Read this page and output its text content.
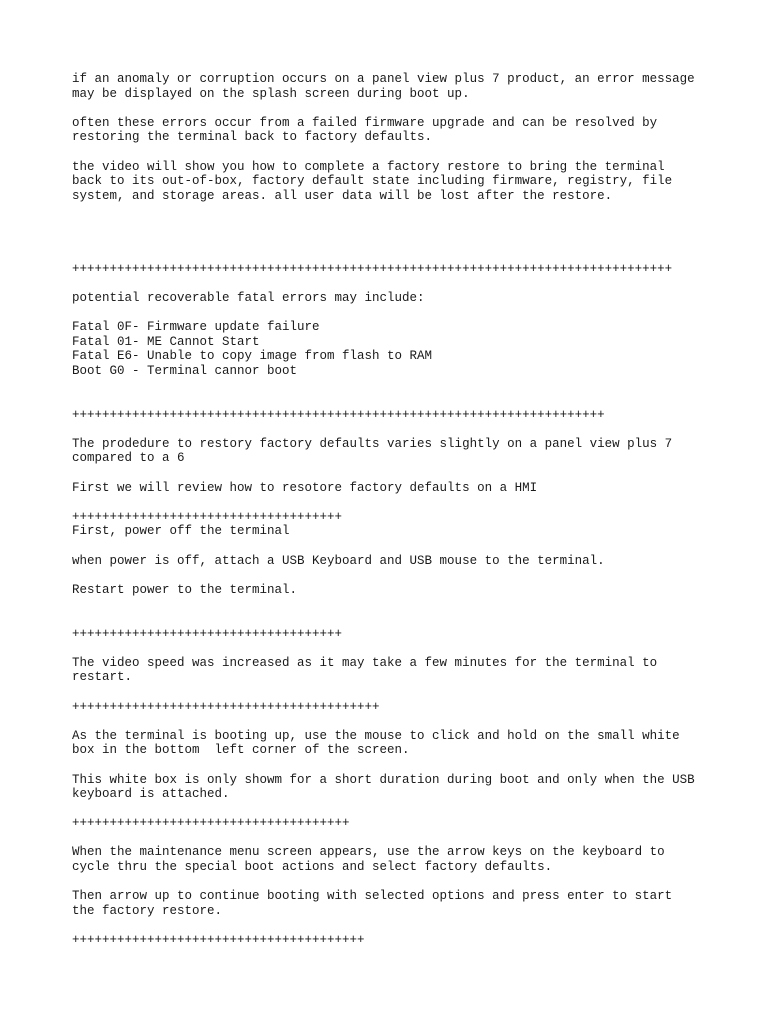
if an anomaly or corruption occurs on a panel view plus 7 product, an error message
may be displayed on the splash screen during boot up.

often these errors occur from a failed firmware upgrade and can be resolved by
restoring the terminal back to factory defaults.

the video will show you how to complete a factory restore to bring the terminal
back to its out-of-box, factory default state including firmware, registry, file
system, and storage areas. all user data will be lost after the restore.

++++++++++++++++++++++++++++++++++++++++++++++++++++++++++++++++++++++++++++++++

potential recoverable fatal errors may include:

Fatal 0F- Firmware update failure
Fatal 01- ME Cannot Start
Fatal E6- Unable to copy image from flash to RAM
Boot G0 - Terminal cannor boot

+++++++++++++++++++++++++++++++++++++++++++++++++++++++++++++++++++++++

The prodedure to restory factory defaults varies slightly on a panel view plus 7
compared to a 6

First we will review how to resotore factory defaults on a HMI

++++++++++++++++++++++++++++++++++++
First, power off the terminal

when power is off, attach a USB Keyboard and USB mouse to the terminal.

Restart power to the terminal.

++++++++++++++++++++++++++++++++++++

The video speed was increased as it may take a few minutes for the terminal to
restart.

+++++++++++++++++++++++++++++++++++++++++

As the terminal is booting up, use the mouse to click and hold on the small white
box in the bottom  left corner of the screen.

This white box is only showm for a short duration during boot and only when the USB
keyboard is attached.

+++++++++++++++++++++++++++++++++++++

When the maintenance menu screen appears, use the arrow keys on the keyboard to
cycle thru the special boot actions and select factory defaults.

Then arrow up to continue booting with selected options and press enter to start
the factory restore.

+++++++++++++++++++++++++++++++++++++++
